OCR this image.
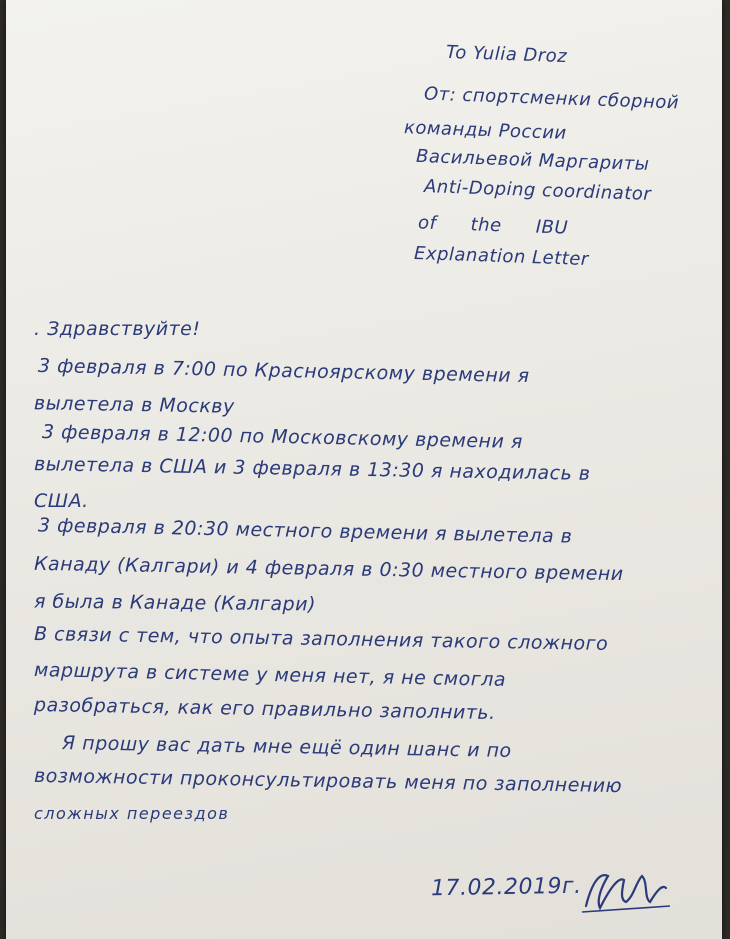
To Yulia Droz
От: спортсменки сборной
команды России
Васильевой Маргариты
Anti-Doping coordinator
of the IBU
Explanation Letter
. Здравствуйте!
3 февраля в 7:00 по Красноярскому времени я
вылетела в Москву
3 февраля в 12:00 по Московскому времени я
вылетела в США и 3 февраля в 13:30 я находилась в
США.
3 февраля в 20:30 местного времени я вылетела в
Канаду (Калгари) и 4 февраля в 0:30 местного времени
я была в Канаде (Калгари)
В связи с тем, что опыта заполнения такого сложного
маршрута в системе у меня нет, я не смогла
разобраться, как его правильно заполнить.
Я прошу вас дать мне ещё один шанс и по
возможности проконсультировать меня по заполнению
сложных переездов
17.02.2019г.
